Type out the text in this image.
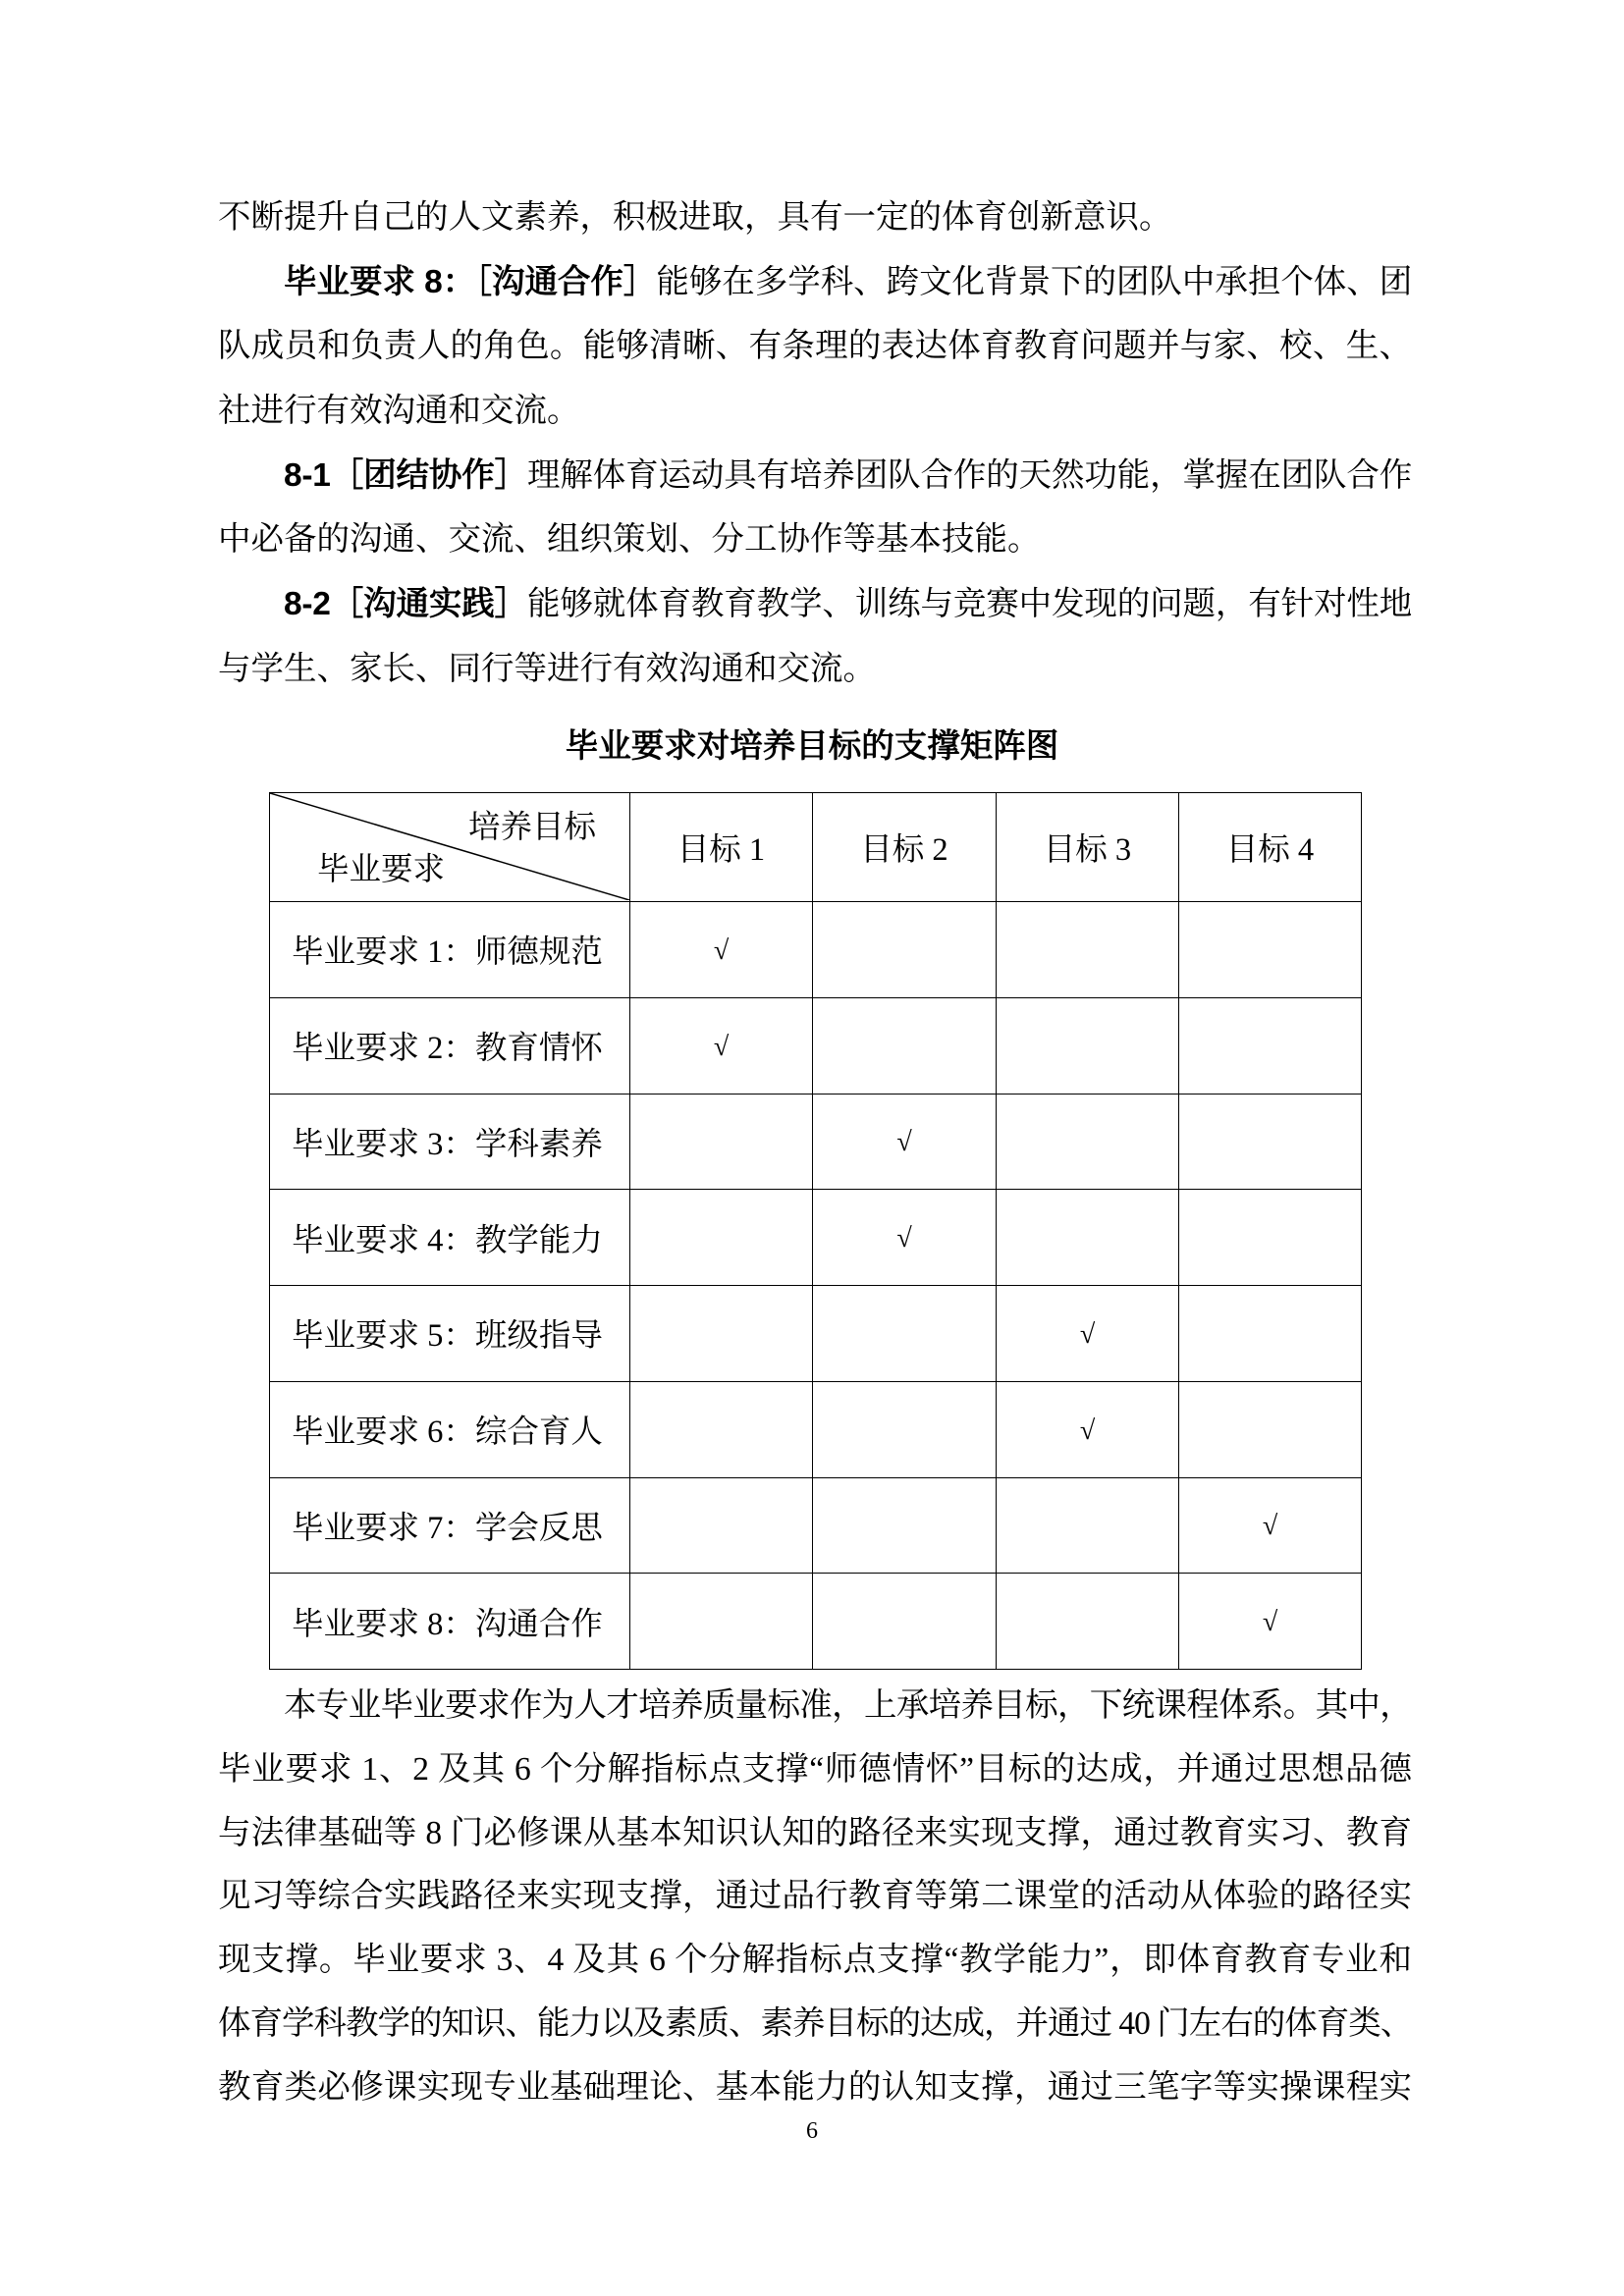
不断提升自己的人文素养，积极进取，具有一定的体育创新意识。
毕业要求 8：［沟通合作］能够在多学科、跨文化背景下的团队中承担个体、团
队成员和负责人的角色。能够清晰、有条理的表达体育教育问题并与家、校、生、
社进行有效沟通和交流。
8-1［团结协作］理解体育运动具有培养团队合作的天然功能，掌握在团队合作
中必备的沟通、交流、组织策划、分工协作等基本技能。
8-2［沟通实践］能够就体育教育教学、训练与竞赛中发现的问题，有针对性地
与学生、家长、同行等进行有效沟通和交流。
毕业要求对培养目标的支撑矩阵图
培养目标
毕业要求	目标 1	目标 2	目标 3	目标 4
毕业要求 1：师德规范	√			
毕业要求 2：教育情怀	√			
毕业要求 3：学科素养		√		
毕业要求 4：教学能力		√		
毕业要求 5：班级指导			√	
毕业要求 6：综合育人			√	
毕业要求 7：学会反思				√
毕业要求 8：沟通合作				√
本专业毕业要求作为人才培养质量标准，上承培养目标，下统课程体系。其中，
毕业要求 1、2 及其 6 个分解指标点支撑“师德情怀”目标的达成，并通过思想品德
与法律基础等 8 门必修课从基本知识认知的路径来实现支撑，通过教育实习、教育
见习等综合实践路径来实现支撑，通过品行教育等第二课堂的活动从体验的路径实
现支撑。毕业要求 3、4 及其 6 个分解指标点支撑“教学能力”，即体育教育专业和
体育学科教学的知识、能力以及素质、素养目标的达成，并通过 40 门左右的体育类、
教育类必修课实现专业基础理论、基本能力的认知支撑，通过三笔字等实操课程实
6
